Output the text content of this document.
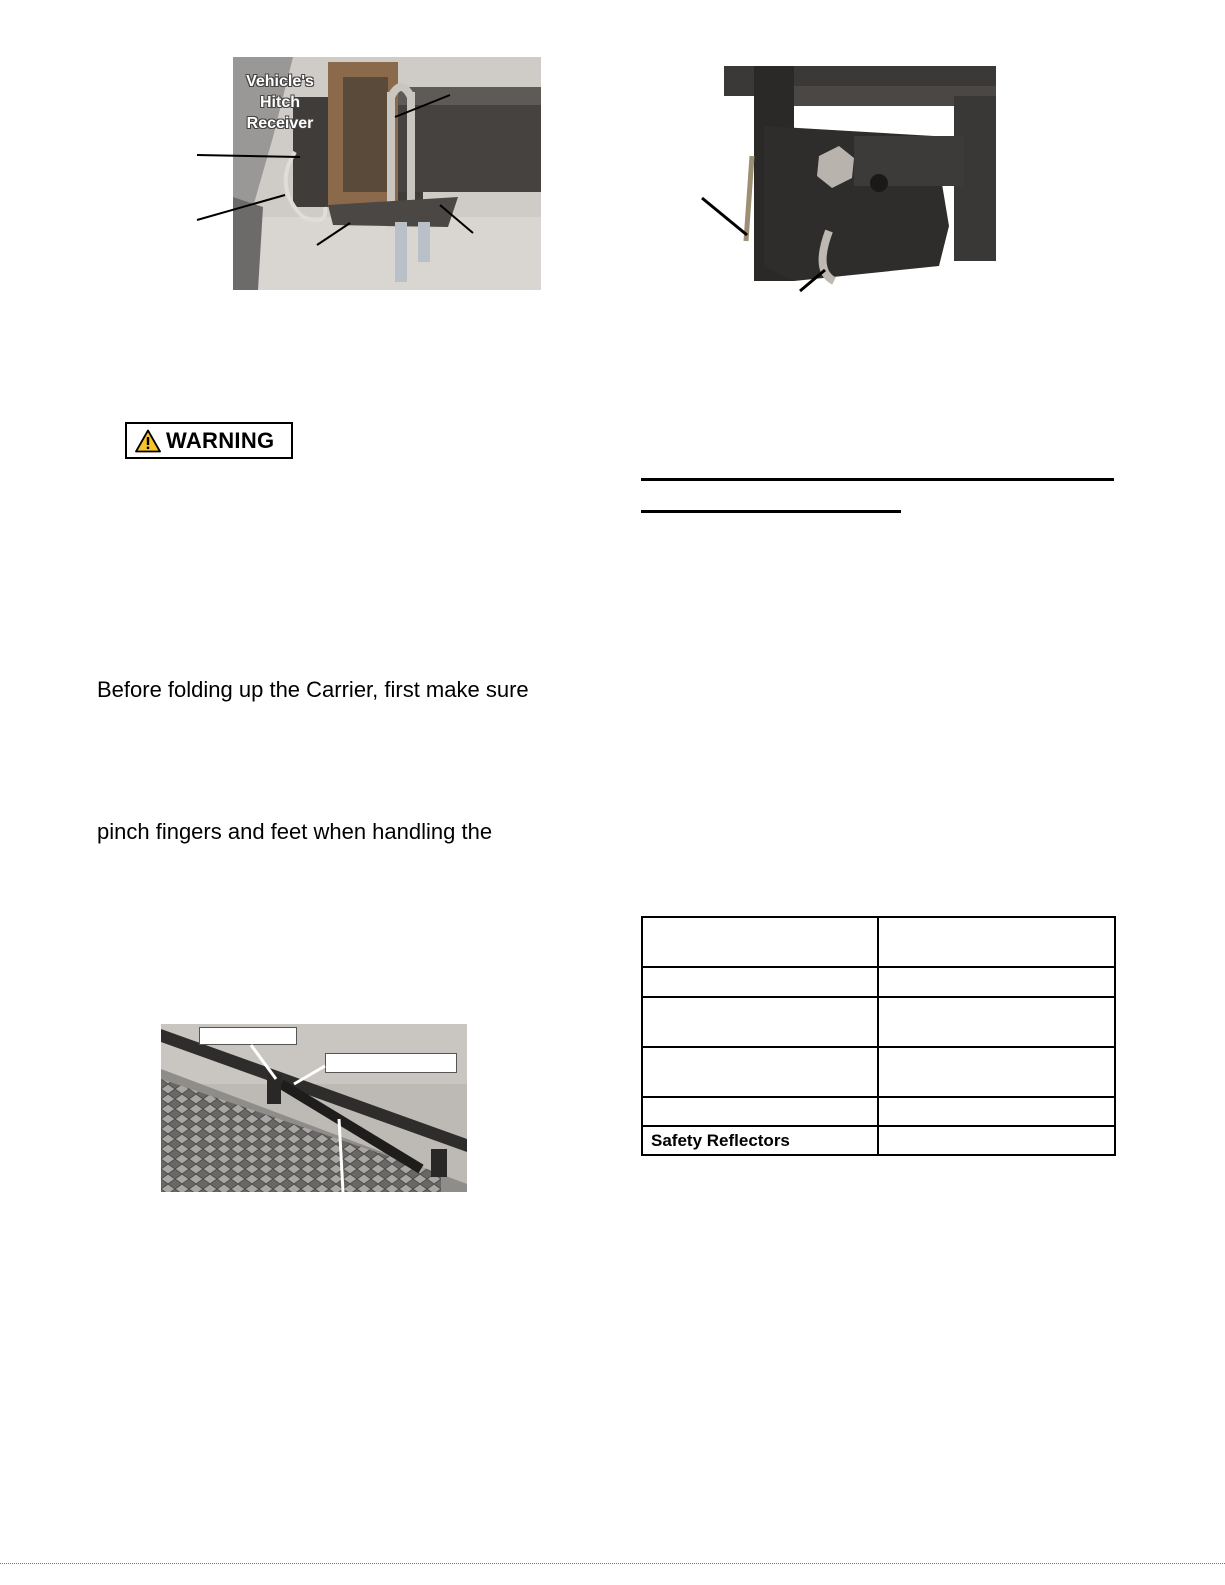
Vehicle's
Hitch
Receiver
WARNING
Before folding up the Carrier, first make sure
pinch fingers and feet when handling the

Safety Reflectors	
